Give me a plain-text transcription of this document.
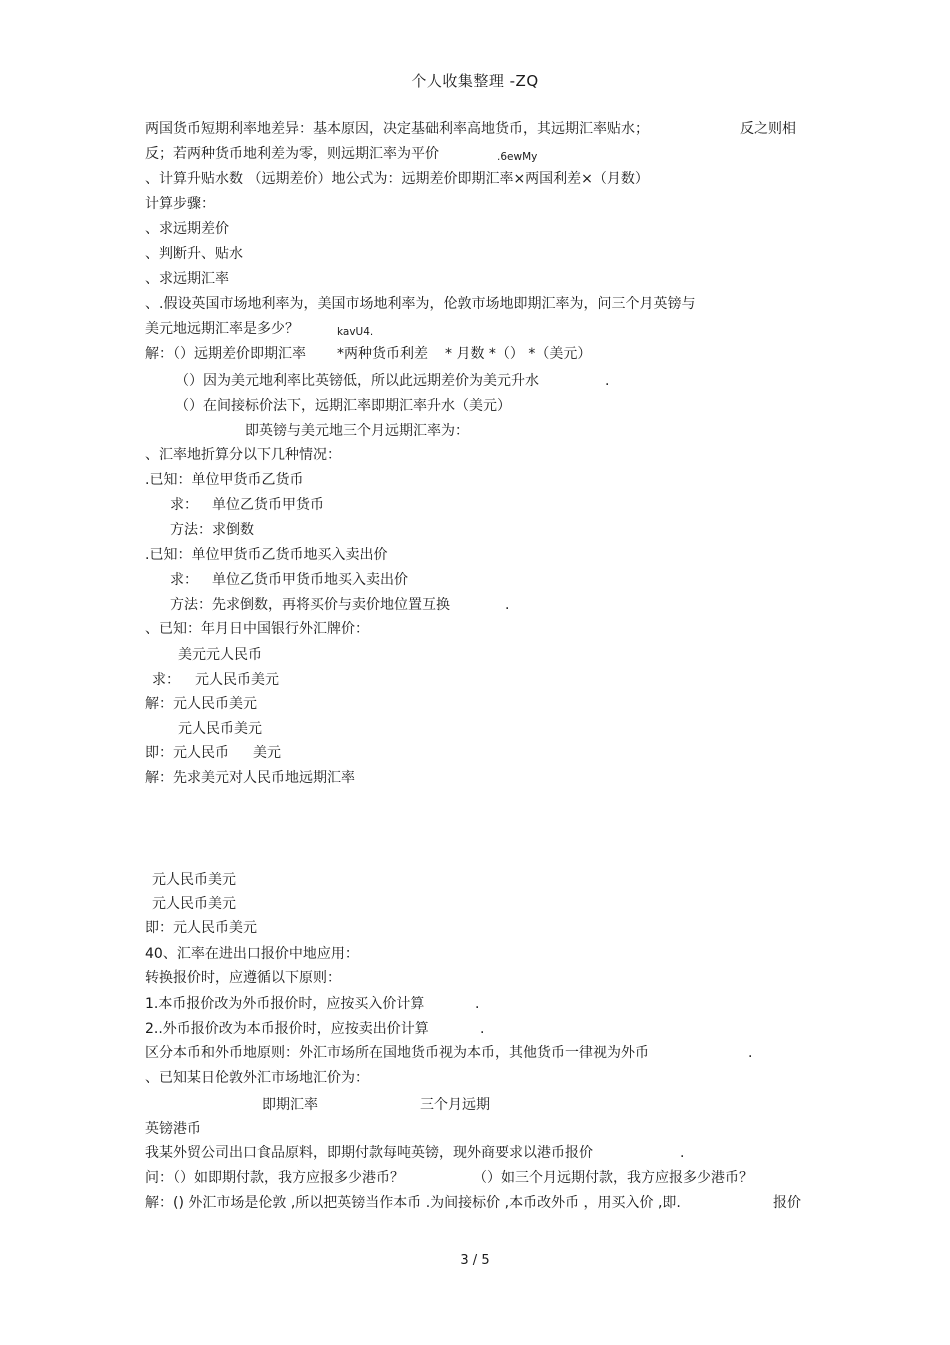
个人收集整理 -ZQ
两国货币短期利率地差异：基本原因，决定基础利率高地货币，其远期汇率贴水；	反之则相
反；若两种货币地利差为零，则远期汇率为平价	.6ewMy
、计算升贴水数 （远期差价）地公式为：远期差价即期汇率×两国利差×（月数）
计算步骤：
、求远期差价
、判断升、贴水
、求远期汇率
、.假设英国市场地利率为，美国市场地利率为，伦敦市场地即期汇率为，问三个月英镑与
美元地远期汇率是多少？	kavU4.
解：（）远期差价即期汇率 *两种货币利差 * 月数 *（） *（美元）
（）因为美元地利率比英镑低，所以此远期差价为美元升水	.
（）在间接标价法下，远期汇率即期汇率升水（美元）
即英镑与美元地三个月远期汇率为：
、汇率地折算分以下几种情况：
.已知：单位甲货币乙货币
求： 单位乙货币甲货币
方法：求倒数
.已知：单位甲货币乙货币地买入卖出价
求： 单位乙货币甲货币地买入卖出价
方法：先求倒数，再将买价与卖价地位置互换	.
、已知：年月日中国银行外汇牌价：
美元元人民币
求： 元人民币美元
解：元人民币美元
元人民币美元
即：元人民币 美元
解：先求美元对人民币地远期汇率
元人民币美元
元人民币美元
即：元人民币美元
40、汇率在进出口报价中地应用：
转换报价时，应遵循以下原则：
1.本币报价改为外币报价时，应按买入价计算	.
2..外币报价改为本币报价时，应按卖出价计算	.
区分本币和外币地原则：外汇市场所在国地货币视为本币，其他货币一律视为外币	.
、已知某日伦敦外汇市场地汇价为：
即期汇率	三个月远期
英镑港币
我某外贸公司出口食品原料，即期付款每吨英镑，现外商要求以港币报价	.
问：（）如即期付款，我方应报多少港币？	（）如三个月远期付款，我方应报多少港币？
解：() 外汇市场是伦敦 ,所以把英镑当作本币 .为间接标价 ,本币改外币 ，用买入价 ,即.	报价
3 / 5
